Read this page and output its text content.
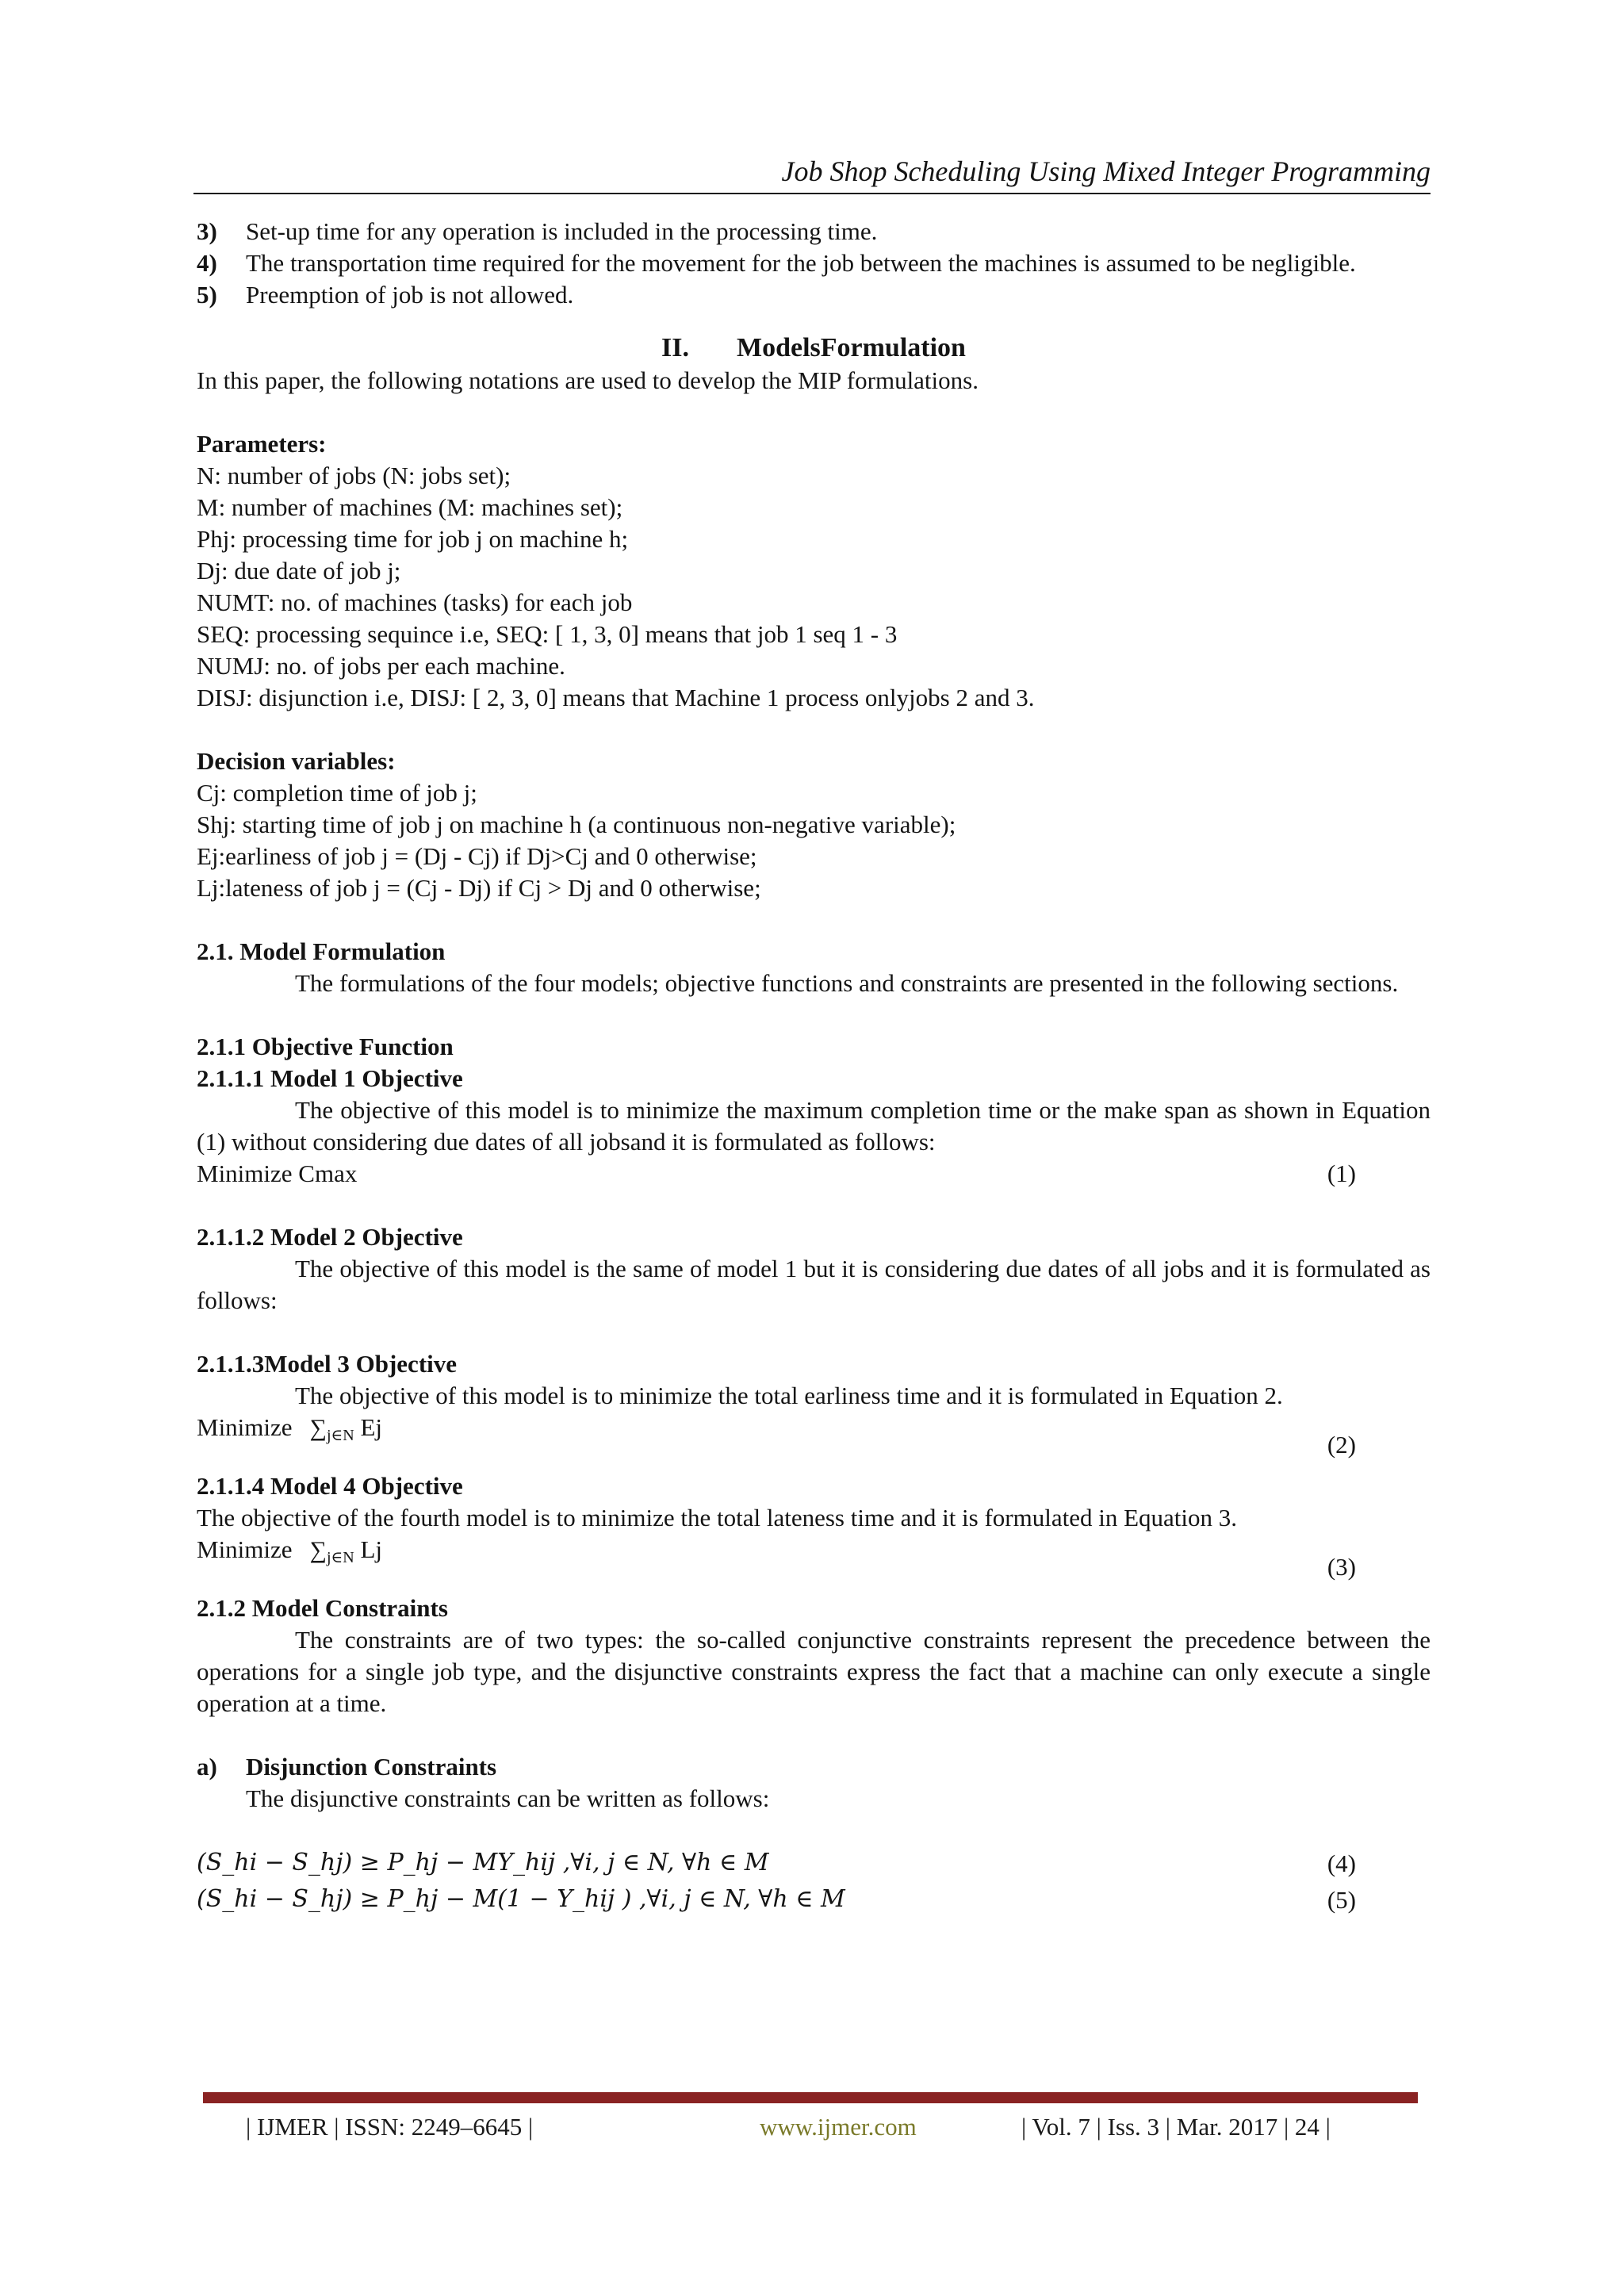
Job Shop Scheduling Using Mixed Integer Programming
3)	Set-up time for any operation is included in the processing time.
4)	The transportation time required for the movement for the job between the machines is assumed to be negligible.
5)	Preemption of job is not allowed.
II. ModelsFormulation

In this paper, the following notations are used to develop the MIP formulations.

Parameters:

N: number of jobs (N: jobs set);

M: number of machines (M: machines set);

Phj: processing time for job j on machine h;

Dj: due date of job j;

NUMT: no. of machines (tasks) for each job

SEQ: processing sequince i.e, SEQ: [ 1, 3, 0] means that job 1 seq 1 - 3

NUMJ: no. of jobs per each machine.

DISJ: disjunction i.e, DISJ: [ 2, 3, 0] means that Machine 1 process onlyjobs 2 and 3.

Decision variables:

Cj: completion time of job j;

Shj: starting time of job j on machine h (a continuous non-negative variable);

Ej:earliness of job j = (Dj - Cj) if Dj>Cj and 0 otherwise;

Lj:lateness of job j = (Cj - Dj) if Cj > Dj and 0 otherwise;

2.1. Model Formulation

The formulations of the four models; objective functions and constraints are presented in the following sections.

2.1.1 Objective Function

2.1.1.1 Model 1 Objective

The objective of this model is to minimize the maximum completion time or the make span as shown in Equation (1) without considering due dates of all jobsand it is formulated as follows:

Minimize Cmax	(1)

2.1.1.2 Model 2 Objective

The objective of this model is the same of model 1 but it is considering due dates of all jobs and it is formulated as follows:

2.1.1.3Model 3 Objective

The objective of this model is to minimize the total earliness time and it is formulated in Equation 2.

Minimize $\sum_{j\in N}$ Ej
(2)

2.1.1.4 Model 4 Objective

The objective of the fourth model is to minimize the total lateness time and it is formulated in Equation 3.

Minimize $\sum_{j\in N}$ Lj
(3)

2.1.2 Model Constraints

The constraints are of two types: the so-called conjunctive constraints represent the precedence between the operations for a single job type, and the disjunctive constraints express the fact that a machine can only execute a single operation at a time.

a)	Disjunction Constraints

The disjunctive constraints can be written as follows:

(S_hi − S_hj) ≥ P_hj − MY_hij ,∀i, j ∈ N, ∀h ∈ M	(4)
(S_hi − S_hj) ≥ P_hj − M(1 − Y_hij ) ,∀i, j ∈ N, ∀h ∈ M	(5)
| IJMER | ISSN: 2249–6645 |	www.ijmer.com	| Vol. 7 | Iss. 3 | Mar. 2017 | 24 |
